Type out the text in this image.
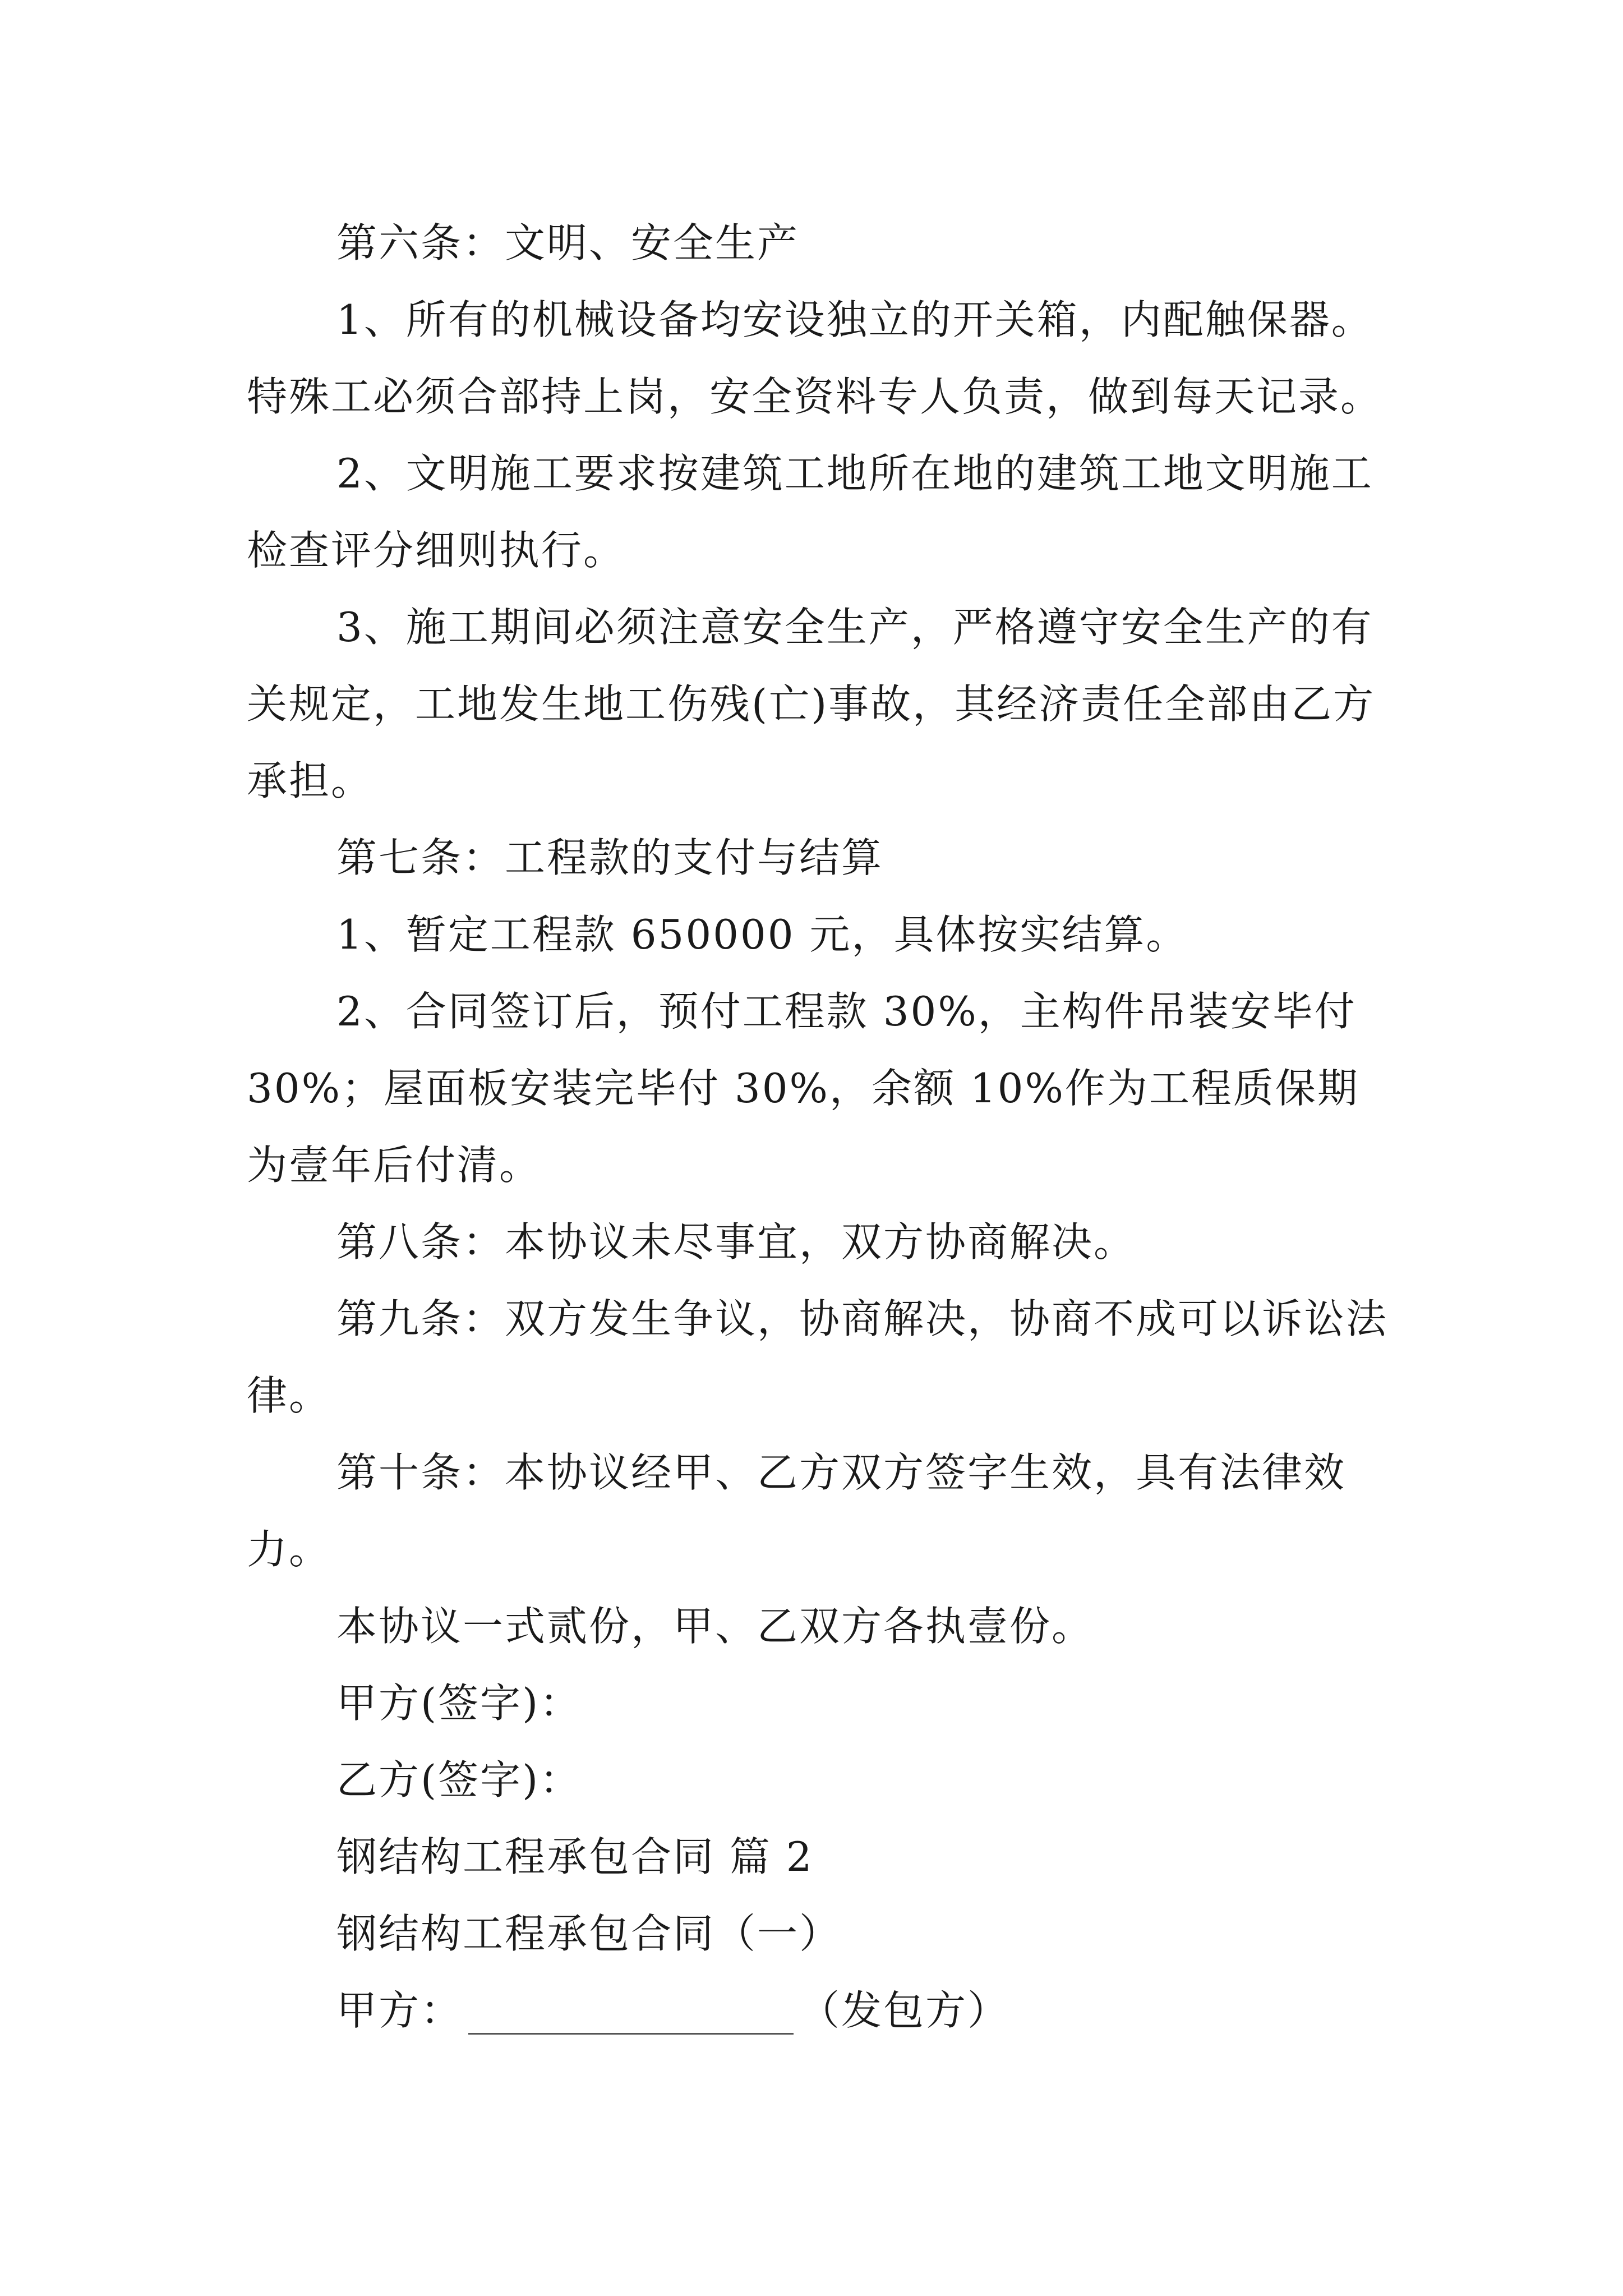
第六条：文明、安全生产

1、所有的机械设备均安设独立的开关箱，内配触保器。特殊工必须合部持上岗，安全资料专人负责，做到每天记录。

2、文明施工要求按建筑工地所在地的建筑工地文明施工检查评分细则执行。

3、施工期间必须注意安全生产，严格遵守安全生产的有关规定，工地发生地工伤残(亡)事故，其经济责任全部由乙方承担。

第七条：工程款的支付与结算

1、暂定工程款 650000 元，具体按实结算。

2、合同签订后，预付工程款 30%，主构件吊装安毕付 30%；屋面板安装完毕付 30%，余额 10%作为工程质保期为壹年后付清。

第八条：本协议未尽事宜，双方协商解决。

第九条：双方发生争议，协商解决，协商不成可以诉讼法律。

第十条：本协议经甲、乙方双方签字生效，具有法律效力。

本协议一式贰份，甲、乙双方各执壹份。

甲方(签字)：

乙方(签字)：

钢结构工程承包合同 篇 2

钢结构工程承包合同（一）

甲方：	（发包方）
